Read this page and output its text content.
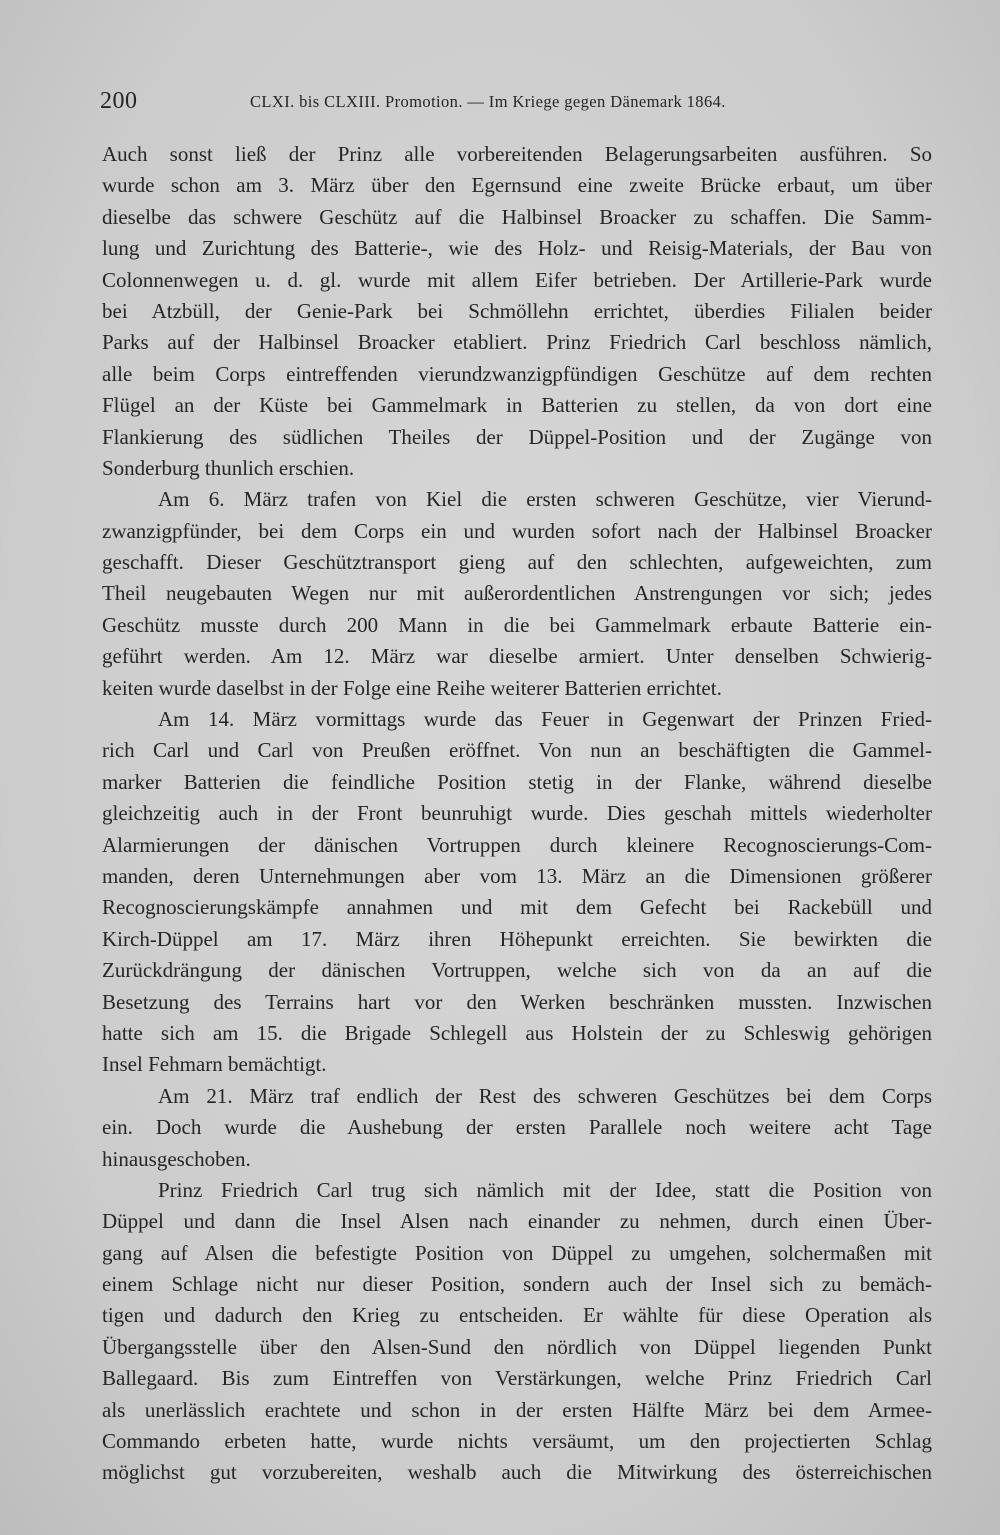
200	CLXI. bis CLXIII. Promotion. — Im Kriege gegen Dänemark 1864.
Auch sonst ließ der Prinz alle vorbereitenden Belagerungsarbeiten ausführen. So
wurde schon am 3. März über den Egernsund eine zweite Brücke erbaut, um über
dieselbe das schwere Geschütz auf die Halbinsel Broacker zu schaffen. Die Samm-
lung und Zurichtung des Batterie-, wie des Holz- und Reisig-Materials, der Bau von
Colonnenwegen u. d. gl. wurde mit allem Eifer betrieben. Der Artillerie-Park wurde
bei Atzbüll, der Genie-Park bei Schmöllehn errichtet, überdies Filialen beider
Parks auf der Halbinsel Broacker etabliert. Prinz Friedrich Carl beschloss nämlich,
alle beim Corps eintreffenden vierundzwanzigpfündigen Geschütze auf dem rechten
Flügel an der Küste bei Gammelmark in Batterien zu stellen, da von dort eine
Flankierung des südlichen Theiles der Düppel-Position und der Zugänge von
Sonderburg thunlich erschien.
Am 6. März trafen von Kiel die ersten schweren Geschütze, vier Vierund-
zwanzigpfünder, bei dem Corps ein und wurden sofort nach der Halbinsel Broacker
geschafft. Dieser Geschütztransport gieng auf den schlechten, aufgeweichten, zum
Theil neugebauten Wegen nur mit außerordentlichen Anstrengungen vor sich; jedes
Geschütz musste durch 200 Mann in die bei Gammelmark erbaute Batterie ein-
geführt werden. Am 12. März war dieselbe armiert. Unter denselben Schwierig-
keiten wurde daselbst in der Folge eine Reihe weiterer Batterien errichtet.
Am 14. März vormittags wurde das Feuer in Gegenwart der Prinzen Fried-
rich Carl und Carl von Preußen eröffnet. Von nun an beschäftigten die Gammel-
marker Batterien die feindliche Position stetig in der Flanke, während dieselbe
gleichzeitig auch in der Front beunruhigt wurde. Dies geschah mittels wiederholter
Alarmierungen der dänischen Vortruppen durch kleinere Recognoscierungs-Com-
manden, deren Unternehmungen aber vom 13. März an die Dimensionen größerer
Recognoscierungskämpfe annahmen und mit dem Gefecht bei Rackebüll und
Kirch-Düppel am 17. März ihren Höhepunkt erreichten. Sie bewirkten die
Zurückdrängung der dänischen Vortruppen, welche sich von da an auf die
Besetzung des Terrains hart vor den Werken beschränken mussten. Inzwischen
hatte sich am 15. die Brigade Schlegell aus Holstein der zu Schleswig gehörigen
Insel Fehmarn bemächtigt.
Am 21. März traf endlich der Rest des schweren Geschützes bei dem Corps
ein. Doch wurde die Aushebung der ersten Parallele noch weitere acht Tage
hinausgeschoben.
Prinz Friedrich Carl trug sich nämlich mit der Idee, statt die Position von
Düppel und dann die Insel Alsen nach einander zu nehmen, durch einen Über-
gang auf Alsen die befestigte Position von Düppel zu umgehen, solchermaßen mit
einem Schlage nicht nur dieser Position, sondern auch der Insel sich zu bemäch-
tigen und dadurch den Krieg zu entscheiden. Er wählte für diese Operation als
Übergangsstelle über den Alsen-Sund den nördlich von Düppel liegenden Punkt
Ballegaard. Bis zum Eintreffen von Verstärkungen, welche Prinz Friedrich Carl
als unerlässlich erachtete und schon in der ersten Hälfte März bei dem Armee-
Commando erbeten hatte, wurde nichts versäumt, um den projectierten Schlag
möglichst gut vorzubereiten, weshalb auch die Mitwirkung des österreichischen
